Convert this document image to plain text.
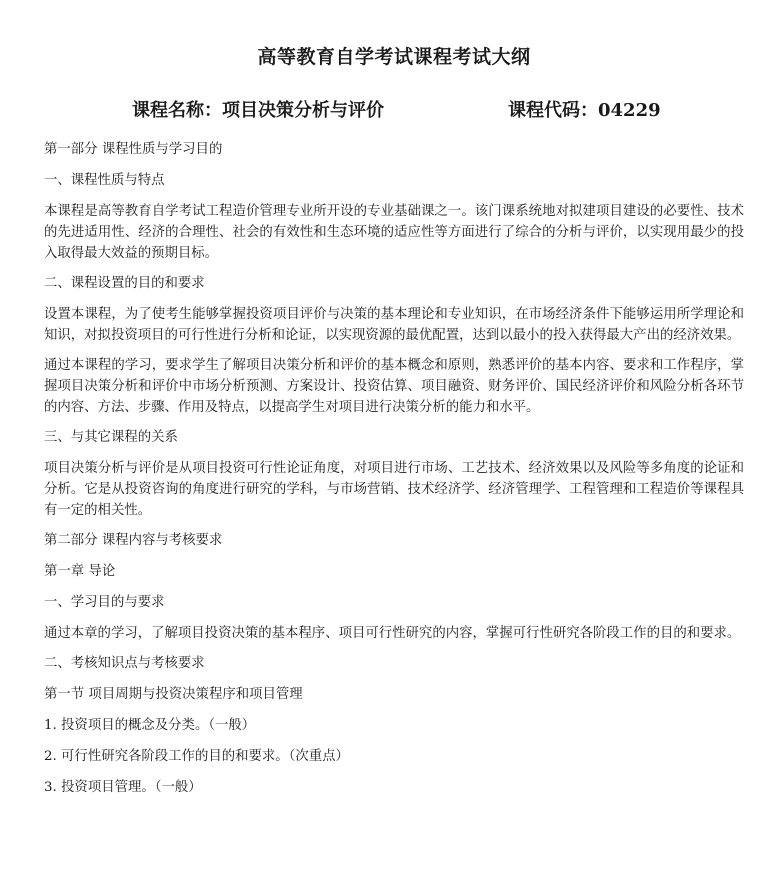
高等教育自学考试课程考试大纲
课程名称：项目决策分析与评价	课程代码：04229

第一部分 课程性质与学习目的

一、课程性质与特点

本课程是高等教育自学考试工程造价管理专业所开设的专业基础课之一。该门课系统地对拟建项目建设的必要性、技术的先进适用性、经济的合理性、社会的有效性和生态环境的适应性等方面进行了综合的分析与评价，以实现用最少的投入取得最大效益的预期目标。

二、课程设置的目的和要求

设置本课程，为了使考生能够掌握投资项目评价与决策的基本理论和专业知识，在市场经济条件下能够运用所学理论和知识，对拟投资项目的可行性进行分析和论证，以实现资源的最优配置，达到以最小的投入获得最大产出的经济效果。

通过本课程的学习，要求学生了解项目决策分析和评价的基本概念和原则，熟悉评价的基本内容、要求和工作程序，掌握项目决策分析和评价中市场分析预测、方案设计、投资估算、项目融资、财务评价、国民经济评价和风险分析各环节的内容、方法、步骤、作用及特点，以提高学生对项目进行决策分析的能力和水平。

三、与其它课程的关系

项目决策分析与评价是从项目投资可行性论证角度，对项目进行市场、工艺技术、经济效果以及风险等多角度的论证和分析。它是从投资咨询的角度进行研究的学科，与市场营销、技术经济学、经济管理学、工程管理和工程造价等课程具有一定的相关性。

第二部分 课程内容与考核要求

第一章 导论

一、学习目的与要求

通过本章的学习，了解项目投资决策的基本程序、项目可行性研究的内容，掌握可行性研究各阶段工作的目的和要求。

二、考核知识点与考核要求

第一节 项目周期与投资决策程序和项目管理

1. 投资项目的概念及分类。（一般）

2. 可行性研究各阶段工作的目的和要求。（次重点）

3. 投资项目管理。（一般）
